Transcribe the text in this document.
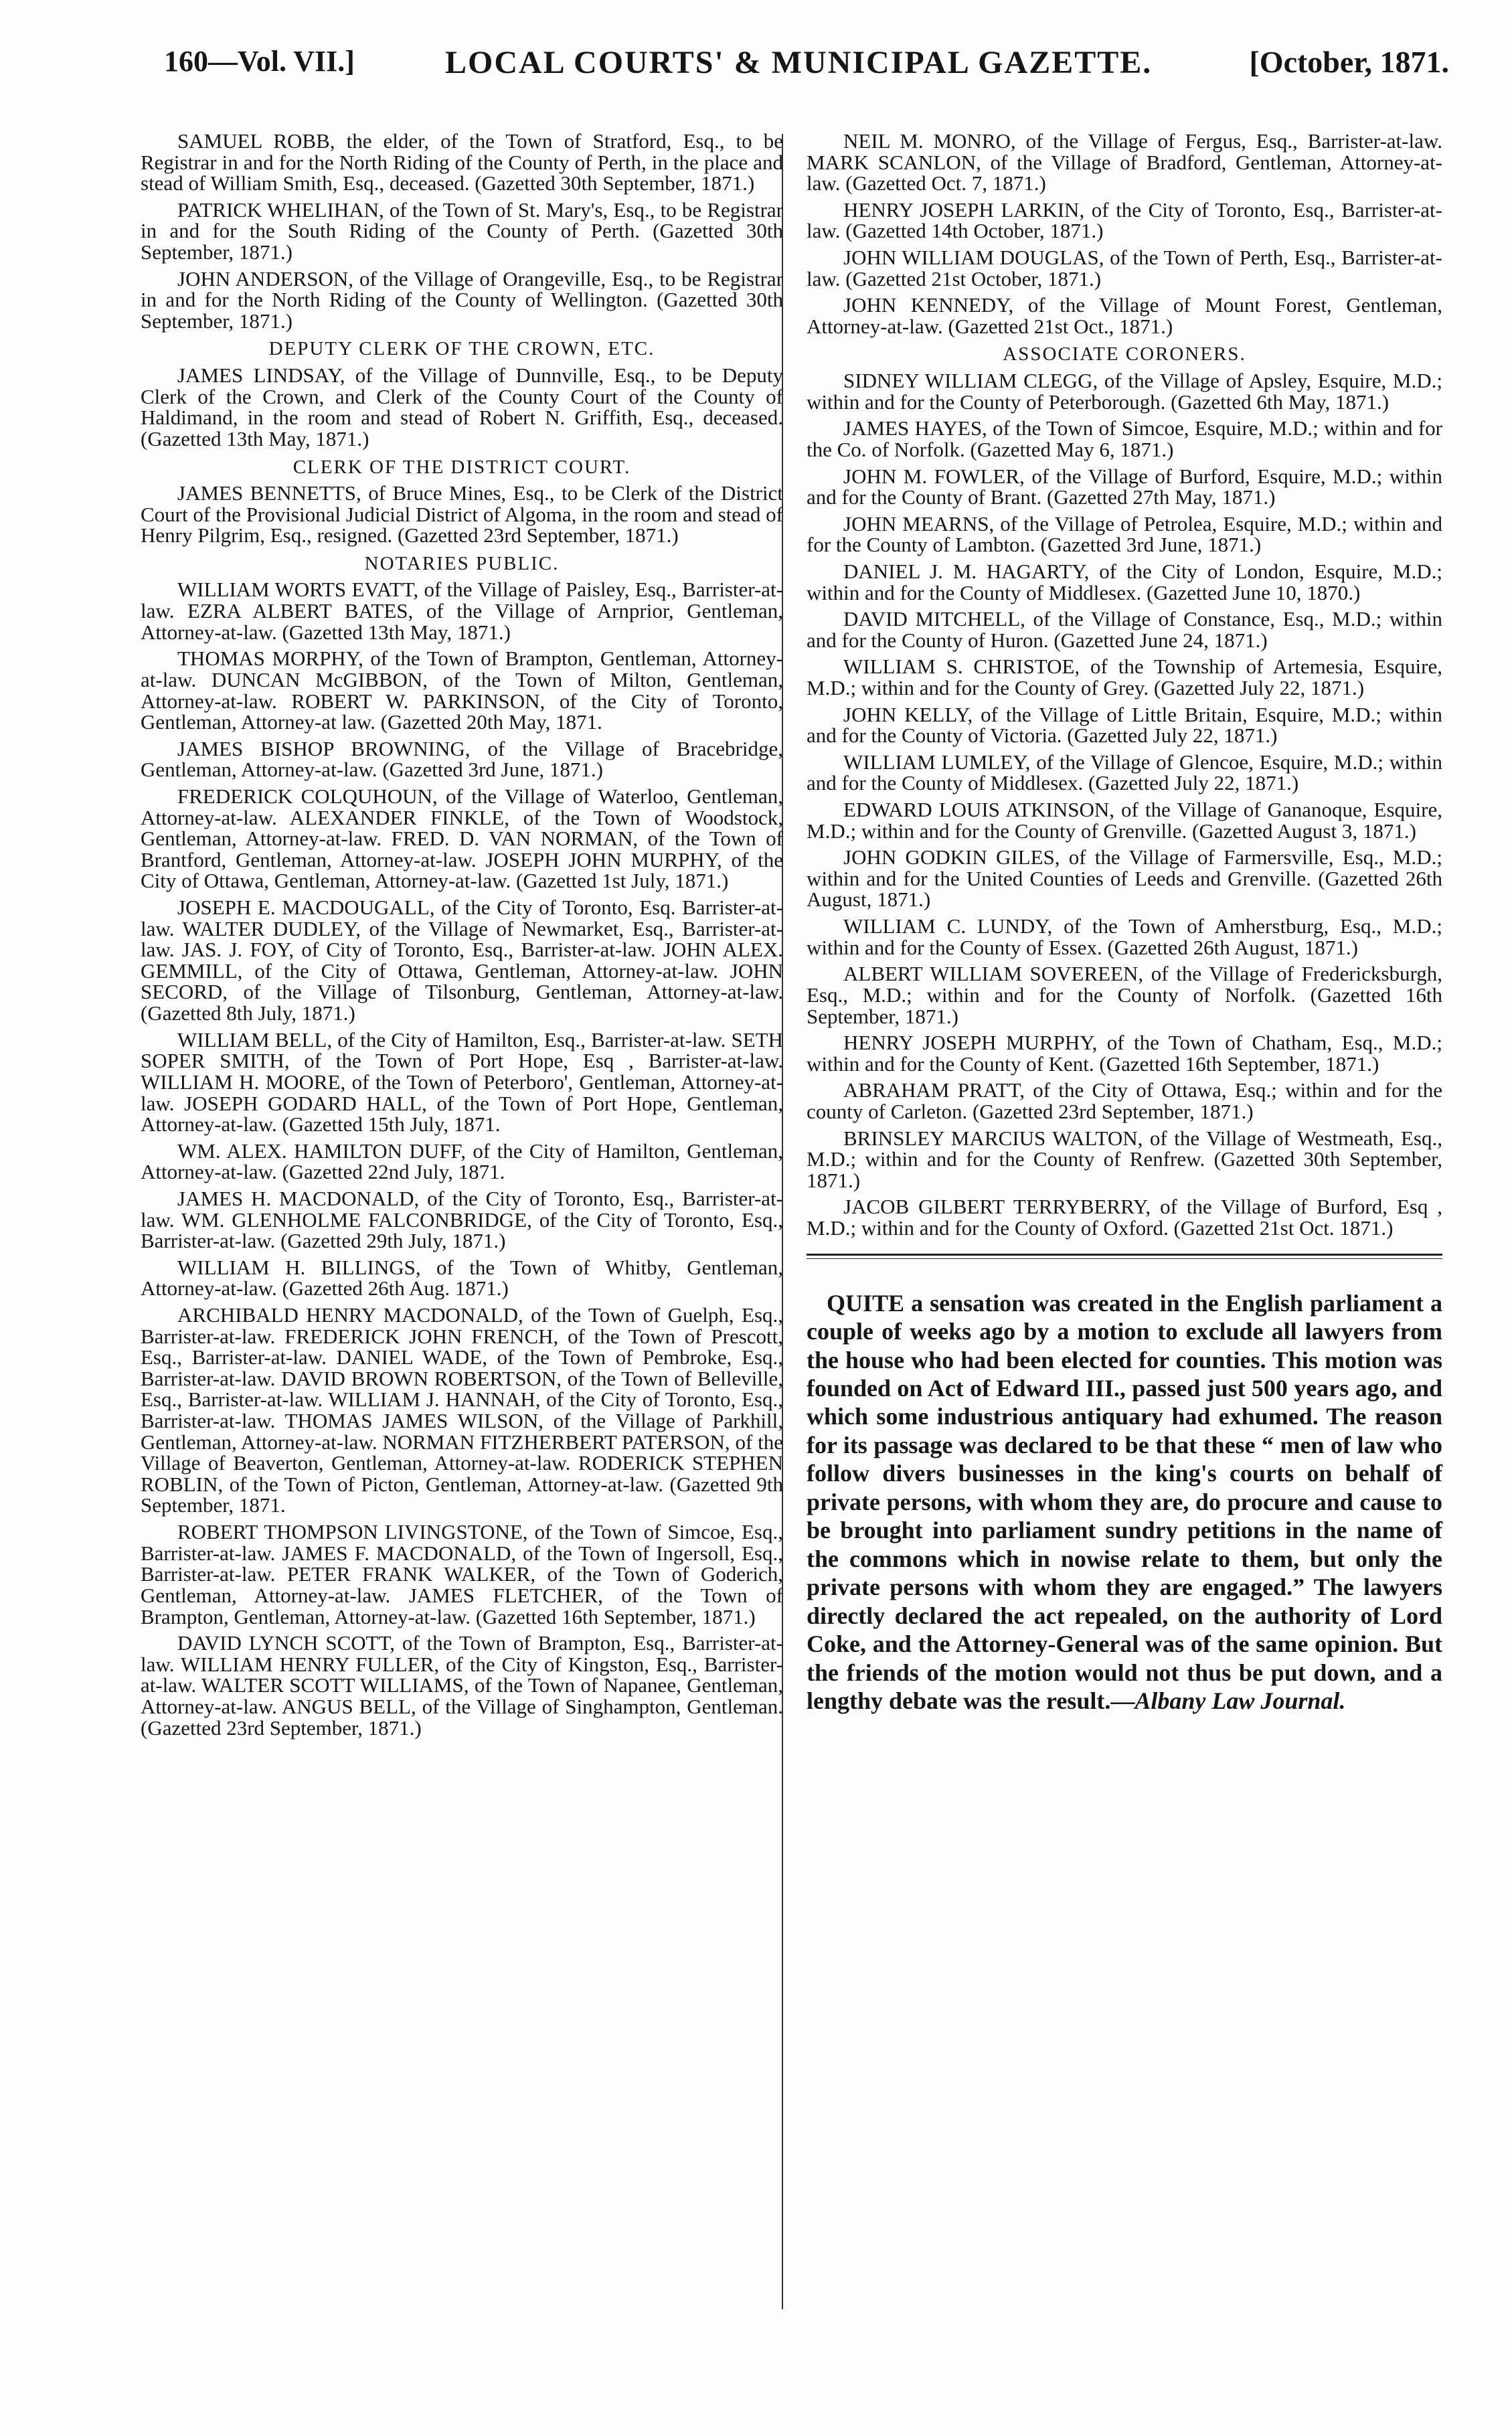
160—Vol. VII.]	LOCAL COURTS' & MUNICIPAL GAZETTE.	[October, 1871.

SAMUEL ROBB, the elder, of the Town of Stratford, Esq., to be Registrar in and for the North Riding of the County of Perth, in the place and stead of William Smith, Esq., deceased. (Gazetted 30th September, 1871.)

PATRICK WHELIHAN, of the Town of St. Mary's, Esq., to be Registrar in and for the South Riding of the County of Perth. (Gazetted 30th September, 1871.)

JOHN ANDERSON, of the Village of Orangeville, Esq., to be Registrar in and for the North Riding of the County of Wellington. (Gazetted 30th September, 1871.)

DEPUTY CLERK OF THE CROWN, ETC.

JAMES LINDSAY, of the Village of Dunnville, Esq., to be Deputy Clerk of the Crown, and Clerk of the County Court of the County of Haldimand, in the room and stead of Robert N. Griffith, Esq., deceased. (Gazetted 13th May, 1871.)

CLERK OF THE DISTRICT COURT.

JAMES BENNETTS, of Bruce Mines, Esq., to be Clerk of the District Court of the Provisional Judicial District of Algoma, in the room and stead of Henry Pilgrim, Esq., resigned. (Gazetted 23rd September, 1871.)

NOTARIES PUBLIC.

WILLIAM WORTS EVATT, of the Village of Paisley, Esq., Barrister-at-law. EZRA ALBERT BATES, of the Village of Arnprior, Gentleman, Attorney-at-law. (Gazetted 13th May, 1871.)

THOMAS MORPHY, of the Town of Brampton, Gentleman, Attorney-at-law. DUNCAN McGIBBON, of the Town of Milton, Gentleman, Attorney-at-law. ROBERT W. PARKINSON, of the City of Toronto, Gentleman, Attorney-at law. (Gazetted 20th May, 1871.

JAMES BISHOP BROWNING, of the Village of Bracebridge, Gentleman, Attorney-at-law. (Gazetted 3rd June, 1871.)

FREDERICK COLQUHOUN, of the Village of Waterloo, Gentleman, Attorney-at-law. ALEXANDER FINKLE, of the Town of Woodstock, Gentleman, Attorney-at-law. FRED. D. VAN NORMAN, of the Town of Brantford, Gentleman, Attorney-at-law. JOSEPH JOHN MURPHY, of the City of Ottawa, Gentleman, Attorney-at-law. (Gazetted 1st July, 1871.)

JOSEPH E. MACDOUGALL, of the City of Toronto, Esq. Barrister-at-law. WALTER DUDLEY, of the Village of Newmarket, Esq., Barrister-at-law. JAS. J. FOY, of City of Toronto, Esq., Barrister-at-law. JOHN ALEX. GEMMILL, of the City of Ottawa, Gentleman, Attorney-at-law. JOHN SECORD, of the Village of Tilsonburg, Gentleman, Attorney-at-law. (Gazetted 8th July, 1871.)

WILLIAM BELL, of the City of Hamilton, Esq., Barrister-at-law. SETH SOPER SMITH, of the Town of Port Hope, Esq , Barrister-at-law. WILLIAM H. MOORE, of the Town of Peterboro', Gentleman, Attorney-at-law. JOSEPH GODARD HALL, of the Town of Port Hope, Gentleman, Attorney-at-law. (Gazetted 15th July, 1871.

WM. ALEX. HAMILTON DUFF, of the City of Hamilton, Gentleman, Attorney-at-law. (Gazetted 22nd July, 1871.

JAMES H. MACDONALD, of the City of Toronto, Esq., Barrister-at-law. WM. GLENHOLME FALCONBRIDGE, of the City of Toronto, Esq., Barrister-at-law. (Gazetted 29th July, 1871.)

WILLIAM H. BILLINGS, of the Town of Whitby, Gentleman, Attorney-at-law. (Gazetted 26th Aug. 1871.)

ARCHIBALD HENRY MACDONALD, of the Town of Guelph, Esq., Barrister-at-law. FREDERICK JOHN FRENCH, of the Town of Prescott, Esq., Barrister-at-law. DANIEL WADE, of the Town of Pembroke, Esq., Barrister-at-law. DAVID BROWN ROBERTSON, of the Town of Belleville, Esq., Barrister-at-law. WILLIAM J. HANNAH, of the City of Toronto, Esq., Barrister-at-law. THOMAS JAMES WILSON, of the Village of Parkhill, Gentleman, Attorney-at-law. NORMAN FITZHERBERT PATERSON, of the Village of Beaverton, Gentleman, Attorney-at-law. RODERICK STEPHEN ROBLIN, of the Town of Picton, Gentleman, Attorney-at-law. (Gazetted 9th September, 1871.

ROBERT THOMPSON LIVINGSTONE, of the Town of Simcoe, Esq., Barrister-at-law. JAMES F. MACDONALD, of the Town of Ingersoll, Esq., Barrister-at-law. PETER FRANK WALKER, of the Town of Goderich, Gentleman, Attorney-at-law. JAMES FLETCHER, of the Town of Brampton, Gentleman, Attorney-at-law. (Gazetted 16th September, 1871.)

DAVID LYNCH SCOTT, of the Town of Brampton, Esq., Barrister-at-law. WILLIAM HENRY FULLER, of the City of Kingston, Esq., Barrister-at-law. WALTER SCOTT WILLIAMS, of the Town of Napanee, Gentleman, Attorney-at-law. ANGUS BELL, of the Village of Singhampton, Gentleman. (Gazetted 23rd September, 1871.)

NEIL M. MONRO, of the Village of Fergus, Esq., Barrister-at-law. MARK SCANLON, of the Village of Bradford, Gentleman, Attorney-at-law. (Gazetted Oct. 7, 1871.)

HENRY JOSEPH LARKIN, of the City of Toronto, Esq., Barrister-at-law. (Gazetted 14th October, 1871.)

JOHN WILLIAM DOUGLAS, of the Town of Perth, Esq., Barrister-at-law. (Gazetted 21st October, 1871.)

JOHN KENNEDY, of the Village of Mount Forest, Gentleman, Attorney-at-law. (Gazetted 21st Oct., 1871.)

ASSOCIATE CORONERS.

SIDNEY WILLIAM CLEGG, of the Village of Apsley, Esquire, M.D.; within and for the County of Peterborough. (Gazetted 6th May, 1871.)

JAMES HAYES, of the Town of Simcoe, Esquire, M.D.; within and for the Co. of Norfolk. (Gazetted May 6, 1871.)

JOHN M. FOWLER, of the Village of Burford, Esquire, M.D.; within and for the County of Brant. (Gazetted 27th May, 1871.)

JOHN MEARNS, of the Village of Petrolea, Esquire, M.D.; within and for the County of Lambton. (Gazetted 3rd June, 1871.)

DANIEL J. M. HAGARTY, of the City of London, Esquire, M.D.; within and for the County of Middlesex. (Gazetted June 10, 1870.)

DAVID MITCHELL, of the Village of Constance, Esq., M.D.; within and for the County of Huron. (Gazetted June 24, 1871.)

WILLIAM S. CHRISTOE, of the Township of Artemesia, Esquire, M.D.; within and for the County of Grey. (Gazetted July 22, 1871.)

JOHN KELLY, of the Village of Little Britain, Esquire, M.D.; within and for the County of Victoria. (Gazetted July 22, 1871.)

WILLIAM LUMLEY, of the Village of Glencoe, Esquire, M.D.; within and for the County of Middlesex. (Gazetted July 22, 1871.)

EDWARD LOUIS ATKINSON, of the Village of Gananoque, Esquire, M.D.; within and for the County of Grenville. (Gazetted August 3, 1871.)

JOHN GODKIN GILES, of the Village of Farmersville, Esq., M.D.; within and for the United Counties of Leeds and Grenville. (Gazetted 26th August, 1871.)

WILLIAM C. LUNDY, of the Town of Amherstburg, Esq., M.D.; within and for the County of Essex. (Gazetted 26th August, 1871.)

ALBERT WILLIAM SOVEREEN, of the Village of Fredericksburgh, Esq., M.D.; within and for the County of Norfolk. (Gazetted 16th September, 1871.)

HENRY JOSEPH MURPHY, of the Town of Chatham, Esq., M.D.; within and for the County of Kent. (Gazetted 16th September, 1871.)

ABRAHAM PRATT, of the City of Ottawa, Esq.; within and for the county of Carleton. (Gazetted 23rd September, 1871.)

BRINSLEY MARCIUS WALTON, of the Village of Westmeath, Esq., M.D.; within and for the County of Renfrew. (Gazetted 30th September, 1871.)

JACOB GILBERT TERRYBERRY, of the Village of Burford, Esq , M.D.; within and for the County of Oxford. (Gazetted 21st Oct. 1871.)

QUITE a sensation was created in the English parliament a couple of weeks ago by a motion to exclude all lawyers from the house who had been elected for counties. This motion was founded on Act of Edward III., passed just 500 years ago, and which some industrious antiquary had exhumed. The reason for its passage was declared to be that these “ men of law who follow divers businesses in the king's courts on behalf of private persons, with whom they are, do procure and cause to be brought into parliament sundry petitions in the name of the commons which in nowise relate to them, but only the private persons with whom they are engaged.” The lawyers directly declared the act repealed, on the authority of Lord Coke, and the Attorney-General was of the same opinion. But the friends of the motion would not thus be put down, and a lengthy debate was the result.—Albany Law Journal.
